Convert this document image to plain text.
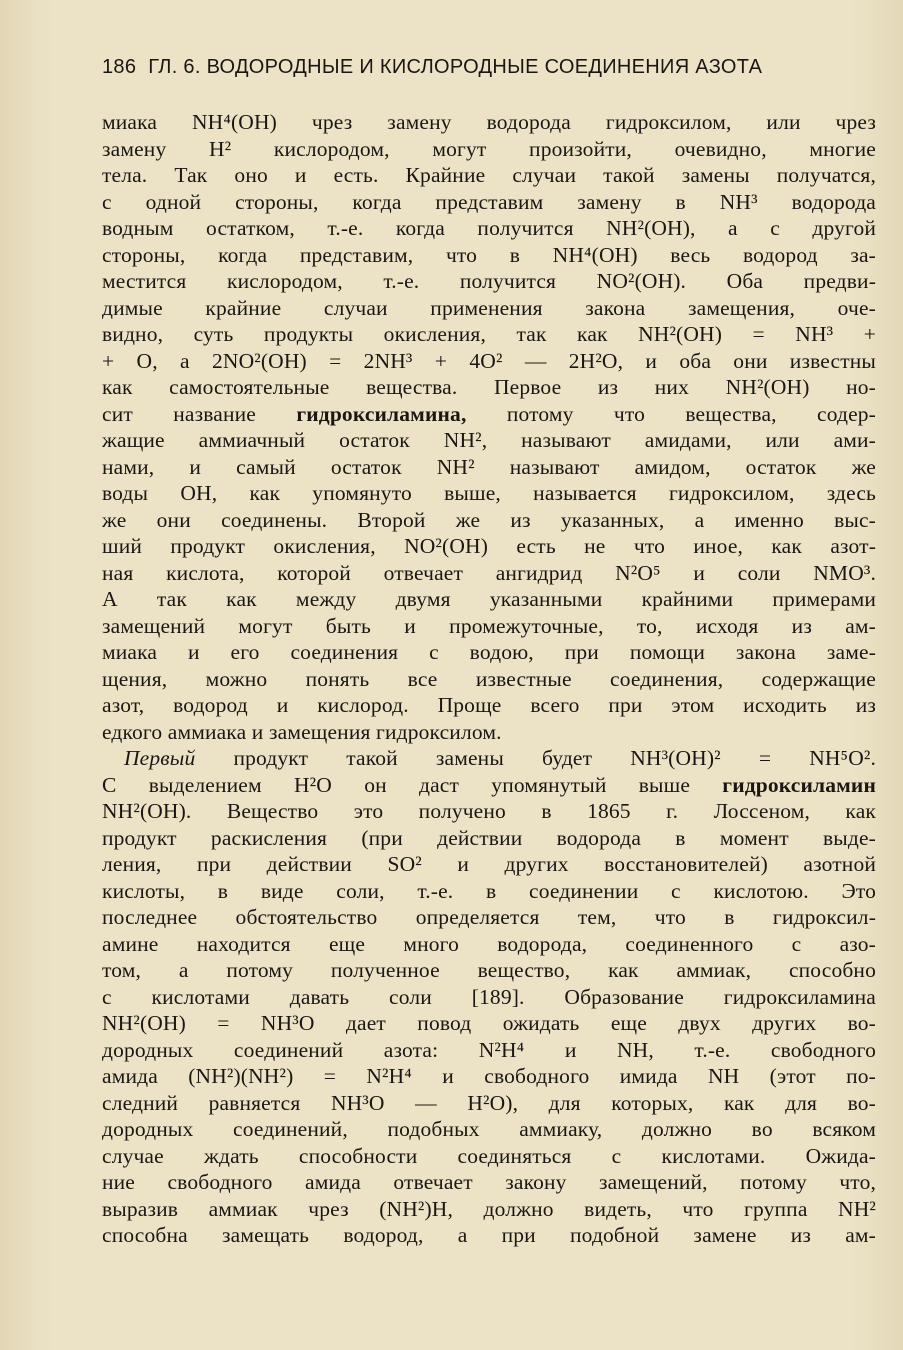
186 ГЛ. 6. ВОДОРОДНЫЕ И КИСЛОРОДНЫЕ СОЕДИНЕНИЯ АЗОТА
миака NH⁴(OH) чрез замену водорода гидроксилом, или чрез
замену H² кислородом, могут произойти, очевидно, многие
тела. Так оно и есть. Крайние случаи такой замены получатся,
с одной стороны, когда представим замену в NH³ водорода
водным остатком, т.-е. когда получится NH²(OH), а с другой
стороны, когда представим, что в NH⁴(OH) весь водород за-
местится кислородом, т.-е. получится NO²(OH). Оба предви-
димые крайние случаи применения закона замещения, оче-
видно, суть продукты окисления, так как NH²(OH) = NH³ +
+ O, а 2NO²(OH) = 2NH³ + 4O² — 2H²O, и оба они известны
как самостоятельные вещества. Первое из них NH²(OH) но-
сит название гидроксиламина, потому что вещества, содер-
жащие аммиачный остаток NH², называют амидами, или ами-
нами, и самый остаток NH² называют амидом, остаток же
воды OH, как упомянуто выше, называется гидроксилом, здесь
же они соединены. Второй же из указанных, а именно выс-
ший продукт окисления, NO²(OH) есть не что иное, как азот-
ная кислота, которой отвечает ангидрид N²O⁵ и соли NMO³.
А так как между двумя указанными крайними примерами
замещений могут быть и промежуточные, то, исходя из ам-
миака и его соединения с водою, при помощи закона заме-
щения, можно понять все известные соединения, содержащие
азот, водород и кислород. Проще всего при этом исходить из
едкого аммиака и замещения гидроксилом.
Первый продукт такой замены будет NH³(OH)² = NH⁵O².
С выделением H²O он даст упомянутый выше гидроксиламин
NH²(OH). Вещество это получено в 1865 г. Лоссеном, как
продукт раскисления (при действии водорода в момент выде-
ления, при действии SO² и других восстановителей) азотной
кислоты, в виде соли, т.-е. в соединении с кислотою. Это
последнее обстоятельство определяется тем, что в гидроксил-
амине находится еще много водорода, соединенного с азо-
том, а потому полученное вещество, как аммиак, способно
с кислотами давать соли [189]. Образование гидроксиламина
NH²(OH) = NH³O дает повод ожидать еще двух других во-
дородных соединений азота: N²H⁴ и NH, т.-е. свободного
амида (NH²)(NH²) = N²H⁴ и свободного имида NH (этот по-
следний равняется NH³O — H²O), для которых, как для во-
дородных соединений, подобных аммиаку, должно во всяком
случае ждать способности соединяться с кислотами. Ожида-
ние свободного амида отвечает закону замещений, потому что,
выразив аммиак чрез (NH²)H, должно видеть, что группа NH²
способна замещать водород, а при подобной замене из ам-
